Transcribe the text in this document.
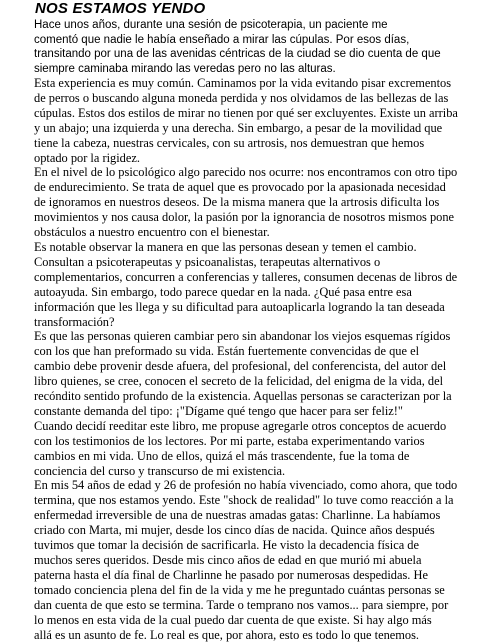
NOS ESTAMOS YENDO
Hace unos años, durante una sesión de psicoterapia, un paciente me
comentó que nadie le había enseñado a mirar las cúpulas. Por esos días,
transitando por una de las avenidas céntricas de la ciudad se dio cuenta de que
siempre caminaba mirando las veredas pero no las alturas.
Esta experiencia es muy común. Caminamos por la vida evitando pisar excrementos
de perros o buscando alguna moneda perdida y nos olvidamos de las bellezas de las
cúpulas. Estos dos estilos de mirar no tienen por qué ser excluyentes. Existe un arriba
y un abajo; una izquierda y una derecha. Sin embargo, a pesar de la movilidad que
tiene la cabeza, nuestras cervicales, con su artrosis, nos demuestran que hemos
optado por la rigidez.
En el nivel de lo psicológico algo parecido nos ocurre: nos encontramos con otro tipo
de endurecimiento. Se trata de aquel que es provocado por la apasionada necesidad
de ignoramos en nuestros deseos. De la misma manera que la artrosis dificulta los
movimientos y nos causa dolor, la pasión por la ignorancia de nosotros mismos pone
obstáculos a nuestro encuentro con el bienestar.
Es notable observar la manera en que las personas desean y temen el cambio.
Consultan a psicoterapeutas y psicoanalistas, terapeutas alternativos o
complementarios, concurren a conferencias y talleres, consumen decenas de libros de
autoayuda. Sin embargo, todo parece quedar en la nada. ¿Qué pasa entre esa
información que les llega y su dificultad para autoaplicarla logrando la tan deseada
transformación?
Es que las personas quieren cambiar pero sin abandonar los viejos esquemas rígidos
con los que han preformado su vida. Están fuertemente convencidas de que el
cambio debe provenir desde afuera, del profesional, del conferencista, del autor del
libro quienes, se cree, conocen el secreto de la felicidad, del enigma de la vida, del
recóndito sentido profundo de la existencia. Aquellas personas se caracterizan por la
constante demanda del tipo: ¡"Dígame qué tengo que hacer para ser feliz!"
Cuando decidí reeditar este libro, me propuse agregarle otros conceptos de acuerdo
con los testimonios de los lectores. Por mi parte, estaba experimentando varios
cambios en mi vida. Uno de ellos, quizá el más trascendente, fue la toma de
conciencia del curso y transcurso de mi existencia.
En mis 54 años de edad y 26 de profesión no había vivenciado, como ahora, que todo
termina, que nos estamos yendo. Este "shock de realidad" lo tuve como reacción a la
enfermedad irreversible de una de nuestras amadas gatas: Charlinne. La habíamos
criado con Marta, mi mujer, desde los cinco días de nacida. Quince años después
tuvimos que tomar la decisión de sacrificarla. He visto la decadencia física de
muchos seres queridos. Desde mis cinco años de edad en que murió mi abuela
paterna hasta el día final de Charlinne he pasado por numerosas despedidas. He
tomado conciencia plena del fin de la vida y me he preguntado cuántas personas se
dan cuenta de que esto se termina. Tarde o temprano nos vamos... para siempre, por
lo menos en esta vida de la cual puedo dar cuenta de que existe. Si hay algo más
allá es un asunto de fe. Lo real es que, por ahora, esto es todo lo que tenemos.
